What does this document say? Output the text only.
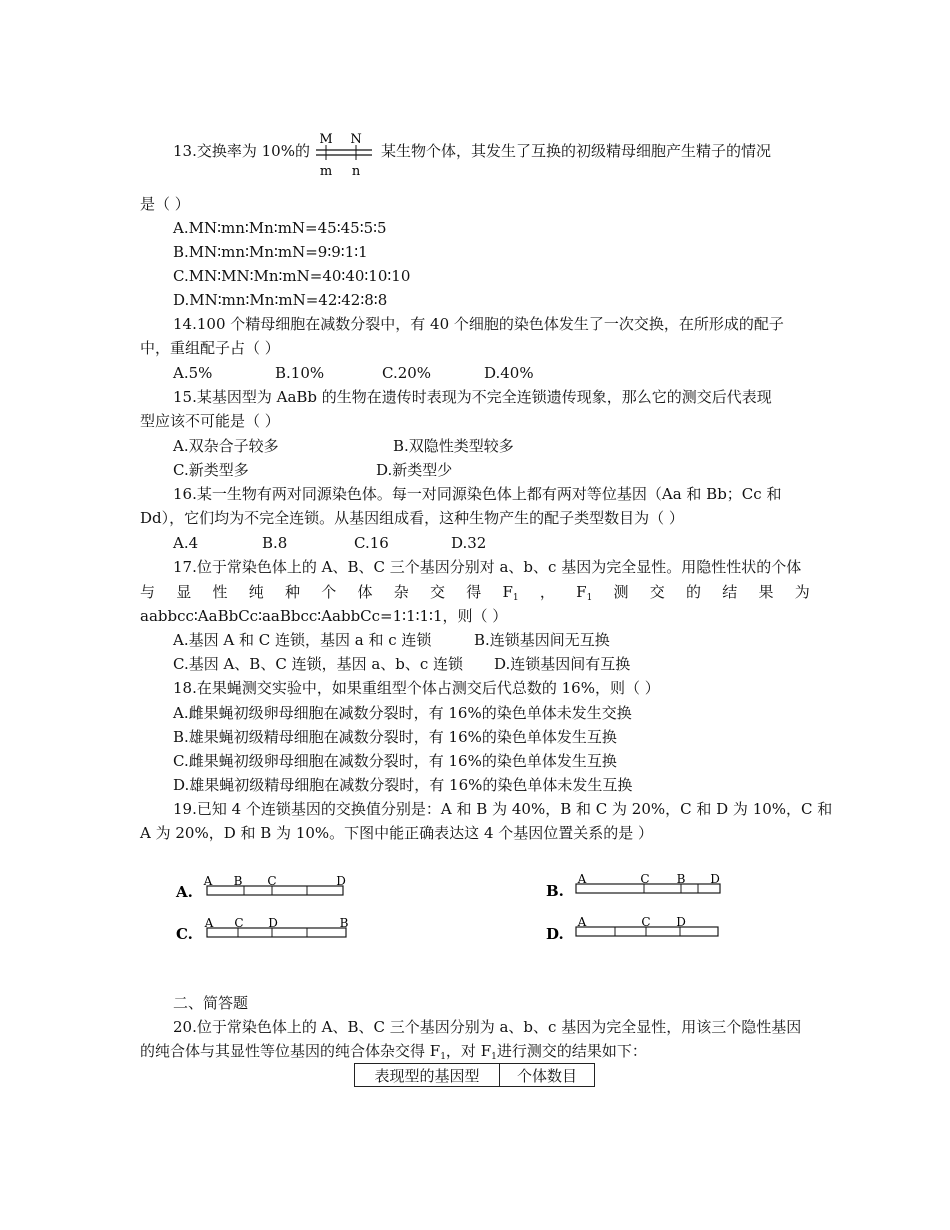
13.交换率为 10%的
M N
m n
某生物个体，其发生了互换的初级精母细胞产生精子的情况
是（ ）
A.MN∶mn∶Mn∶mN=45∶45∶5∶5
B.MN∶mn∶Mn∶mN=9∶9∶1∶1
C.MN∶MN∶Mn∶mN=40∶40∶10∶10
D.MN∶mn∶Mn∶mN=42∶42∶8∶8
14.100 个精母细胞在减数分裂中，有 40 个细胞的染色体发生了一次交换，在所形成的配子
中，重组配子占（ ）
A.5%	B.10%	C.20%	D.40%
15.某基因型为 AaBb 的生物在遗传时表现为不完全连锁遗传现象，那么它的测交后代表现
型应该不可能是（ ）
A.双杂合子较多	B.双隐性类型较多
C.新类型多	D.新类型少
16.某一生物有两对同源染色体。每一对同源染色体上都有两对等位基因（Aa 和 Bb；Cc 和
Dd），它们均为不完全连锁。从基因组成看，这种生物产生的配子类型数目为（ ）
A.4	B.8	C.16	D.32
17.位于常染色体上的 A、B、C 三个基因分别对 a、b、c 基因为完全显性。用隐性性状的个体
与 显 性 纯 种 个 体 杂 交 得 $F_1$ ， $F_1$ 测 交 的 结 果 为
aabbcc∶AaBbCc∶aaBbcc∶AabbCc=1∶1∶1∶1，则（ ）
A.基因 A 和 C 连锁，基因 a 和 c 连锁	B.连锁基因间无互换
C.基因 A、B、C 连锁，基因 a、b、c 连锁 D.连锁基因间有互换
18.在果蝇测交实验中，如果重组型个体占测交后代总数的 16%，则（ ）
A.雌果蝇初级卵母细胞在减数分裂时，有 16%的染色单体未发生交换
B.雄果蝇初级精母细胞在减数分裂时，有 16%的染色单体发生互换
C.雌果蝇初级卵母细胞在减数分裂时，有 16%的染色单体发生互换
D.雄果蝇初级精母细胞在减数分裂时，有 16%的染色单体未发生互换
19.已知 4 个连锁基因的交换值分别是：A 和 B 为 40%，B 和 C 为 20%，C 和 D 为 10%，C 和
A 为 20%，D 和 B 为 10%。下图中能正确表达这 4 个基因位置关系的是 ）
A.
A B C	D
B.
A	C B D
C.
A C D	B
D.
A	C D
二、简答题
20.位于常染色体上的 A、B、C 三个基因分别为 a、b、c 基因为完全显性，用该三个隐性基因
的纯合体与其显性等位基因的纯合体杂交得 $F_1$，对 $F_1$进行测交的结果如下：
表现型的基因型	个体数目
